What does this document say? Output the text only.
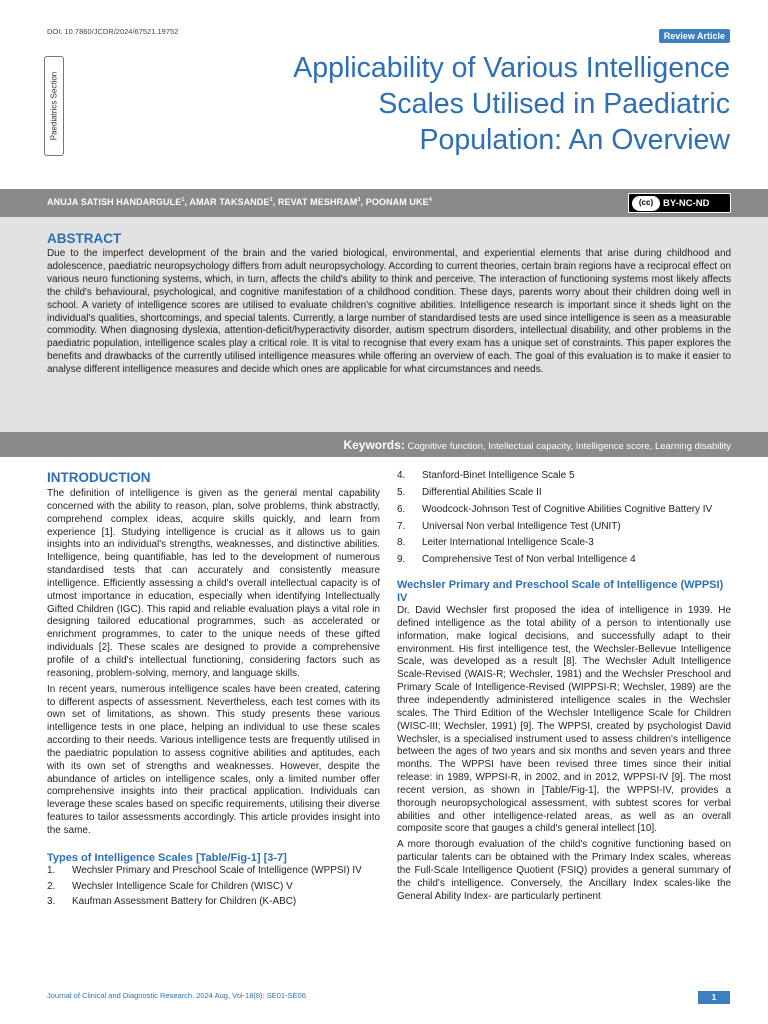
DOI: 10.7860/JCDR/2024/67521.19752	Review Article
Paediatrics Section
Applicability of Various Intelligence
Scales Utilised in Paediatric
Population: An Overview
ANUJA SATISH HANDARGULE$^1$, AMAR TAKSANDE$^2$, REVAT MESHRAM$^3$, POONAM UKE$^4$	(cc)	BY-NC-ND
ABSTRACT
Due to the imperfect development of the brain and the varied biological, environmental, and experiential elements that arise during childhood and adolescence, paediatric neuropsychology differs from adult neuropsychology. According to current theories, certain brain regions have a reciprocal effect on various neuro functioning systems, which, in turn, affects the child's ability to think and perceive. The interaction of functioning systems most likely affects the child's behavioural, psychological, and cognitive manifestation of a childhood condition. These days, parents worry about their children doing well in school. A variety of intelligence scores are utilised to evaluate children's cognitive abilities. Intelligence research is important since it sheds light on the individual's qualities, shortcomings, and special talents. Currently, a large number of standardised tests are used since intelligence is seen as a measurable commodity. When diagnosing dyslexia, attention-deficit/hyperactivity disorder, autism spectrum disorders, intellectual disability, and other problems in the paediatric population, intelligence scales play a critical role. It is vital to recognise that every exam has a unique set of constraints. This paper explores the benefits and drawbacks of the currently utilised intelligence measures while offering an overview of each. The goal of this evaluation is to make it easier to analyse different intelligence measures and decide which ones are applicable for what circumstances and needs.
Keywords: Cognitive function, Intellectual capacity, Intelligence score, Learning disability
INTRODUCTION

The definition of intelligence is given as the general mental capability concerned with the ability to reason, plan, solve problems, think abstractly, comprehend complex ideas, acquire skills quickly, and learn from experience [1]. Studying intelligence is crucial as it allows us to gain insights into an individual's strengths, weaknesses, and distinctive abilities. Intelligence, being quantifiable, has led to the development of numerous standardised tests that can accurately and consistently measure intelligence. Efficiently assessing a child's overall intellectual capacity is of utmost importance in education, especially when identifying Intellectually Gifted Children (IGC). This rapid and reliable evaluation plays a vital role in designing tailored educational programmes, such as accelerated or enrichment programmes, to cater to the unique needs of these gifted individuals [2]. These scales are designed to provide a comprehensive profile of a child's intellectual functioning, considering factors such as reasoning, problem-solving, memory, and language skills.

In recent years, numerous intelligence scales have been created, catering to different aspects of assessment. Nevertheless, each test comes with its own set of limitations, as shown. This study presents these various intelligence tests in one place, helping an individual to use these scales according to their needs. Various intelligence tests are frequently utilised in the paediatric population to assess cognitive abilities and aptitudes, each with its own set of strengths and weaknesses. However, despite the abundance of articles on intelligence scales, only a limited number offer comprehensive insights into their practical application. Individuals can leverage these scales based on specific requirements, utilising their diverse features to tailor assessments accordingly. This article provides insight into the same.

Types of Intelligence Scales [Table/Fig-1] [3-7]
1.	Wechsler Primary and Preschool Scale of Intelligence (WPPSI) IV
2.	Wechsler Intelligence Scale for Children (WISC) V
3.	Kaufman Assessment Battery for Children (K-ABC)
4.	Stanford-Binet Intelligence Scale 5
5.	Differential Abilities Scale II
6.	Woodcock-Johnson Test of Cognitive Abilities Cognitive Battery IV
7.	Universal Non verbal Intelligence Test (UNIT)
8.	Leiter International Intelligence Scale-3
9.	Comprehensive Test of Non verbal Intelligence 4
Wechsler Primary and Preschool Scale of Intelligence (WPPSI) IV

Dr. David Wechsler first proposed the idea of intelligence in 1939. He defined intelligence as the total ability of a person to intentionally use information, make logical decisions, and successfully adapt to their environment. His first intelligence test, the Wechsler-Bellevue Intelligence Scale, was developed as a result [8]. The Wechsler Adult Intelligence Scale-Revised (WAIS-R; Wechsler, 1981) and the Wechsler Preschool and Primary Scale of Intelligence-Revised (WIPPSI-R; Wechsler, 1989) are the three independently administered intelligence scales in the Wechsler scales. The Third Edition of the Wechsler Intelligence Scale for Children (WISC-III; Wechsler, 1991) [9]. The WPPSI, created by psychologist David Wechsler, is a specialised instrument used to assess children's intelligence between the ages of two years and six months and seven years and three months. The WPPSI have been revised three times since their initial release: in 1989, WPPSI-R, in 2002, and in 2012, WPPSI-IV [9]. The most recent version, as shown in [Table/Fig-1], the WPPSI-IV, provides a thorough neuropsychological assessment, with subtest scores for verbal abilities and other intelligence-related areas, as well as an overall composite score that gauges a child's general intellect [10].

A more thorough evaluation of the child's cognitive functioning based on particular talents can be obtained with the Primary Index scales, whereas the Full-Scale Intelligence Quotient (FSIQ) provides a general summary of the child's intelligence. Conversely, the Ancillary Index scales-like the General Ability Index- are particularly pertinent

Journal of Clinical and Diagnostic Research. 2024 Aug, Vol-18(8): SE01-SE06	1
